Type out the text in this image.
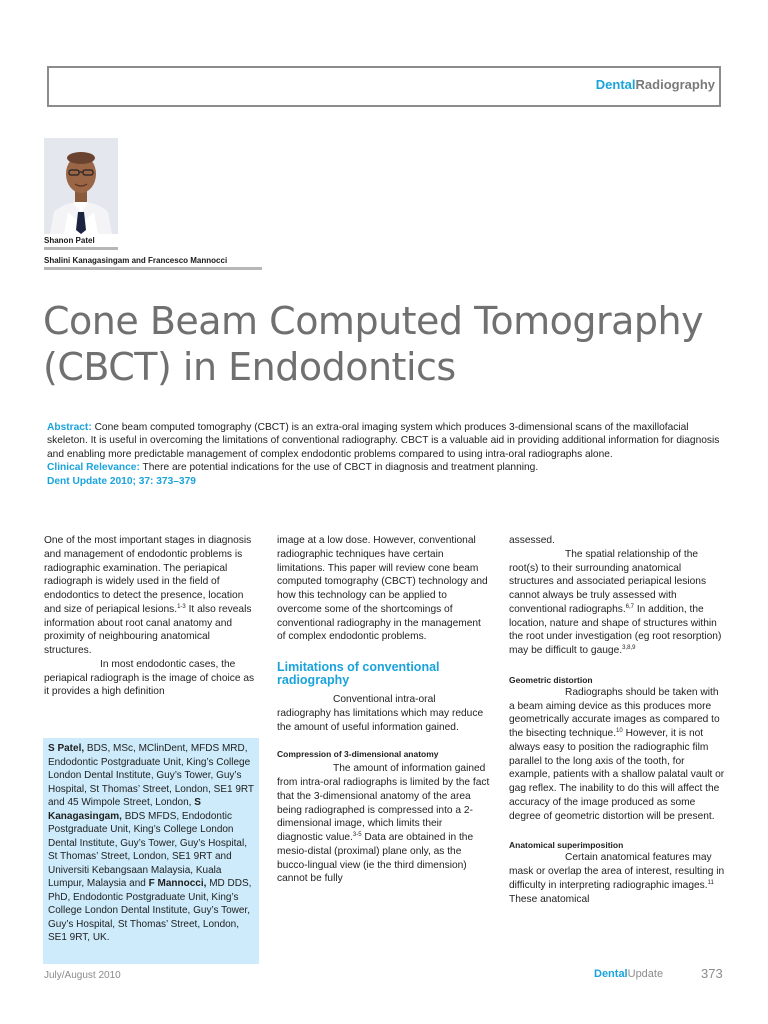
DentalRadiography
Shanon Patel
Shalini Kanagasingam and Francesco Mannocci
Cone Beam Computed Tomography
(CBCT) in Endodontics
Abstract: Cone beam computed tomography (CBCT) is an extra-oral imaging system which produces 3-dimensional scans of the maxillofacial skeleton. It is useful in overcoming the limitations of conventional radiography. CBCT is a valuable aid in providing additional information for diagnosis and enabling more predictable management of complex endodontic problems compared to using intra-oral radiographs alone.
Clinical Relevance: There are potential indications for the use of CBCT in diagnosis and treatment planning.
Dent Update 2010; 37: 373–379

One of the most important stages in diagnosis and management of endodontic problems is radiographic examination. The periapical radiograph is widely used in the field of endodontics to detect the presence, location and size of periapical lesions.$^{1-3}$ It also reveals information about root canal anatomy and proximity of neighbouring anatomical structures.

In most endodontic cases, the periapical radiograph is the image of choice as it provides a high definition

S Patel, BDS, MSc, MClinDent, MFDS MRD, Endodontic Postgraduate Unit, King’s College London Dental Institute, Guy’s Tower, Guy’s Hospital, St Thomas’ Street, London, SE1 9RT and 45 Wimpole Street, London, S Kanagasingam, BDS MFDS, Endodontic Postgraduate Unit, King’s College London Dental Institute, Guy’s Tower, Guy’s Hospital, St Thomas’ Street, London, SE1 9RT and Universiti Kebangsaan Malaysia, Kuala Lumpur, Malaysia and F Mannocci, MD DDS, PhD, Endodontic Postgraduate Unit, King’s College London Dental Institute, Guy’s Tower, Guy’s Hospital, St Thomas’ Street, London, SE1 9RT, UK.

image at a low dose. However, conventional radiographic techniques have certain limitations. This paper will review cone beam computed tomography (CBCT) technology and how this technology can be applied to overcome some of the shortcomings of conventional radiography in the management of complex endodontic problems.

Limitations of conventional radiography

Conventional intra-oral radiography has limitations which may reduce the amount of useful information gained.

Compression of 3-dimensional anatomy

The amount of information gained from intra-oral radiographs is limited by the fact that the 3-dimensional anatomy of the area being radiographed is compressed into a 2-dimensional image, which limits their diagnostic value.$^{3-5}$ Data are obtained in the mesio-distal (proximal) plane only, as the bucco-lingual view (ie the third dimension) cannot be fully

assessed.

The spatial relationship of the root(s) to their surrounding anatomical structures and associated periapical lesions cannot always be truly assessed with conventional radiographs.$^{6,7}$ In addition, the location, nature and shape of structures within the root under investigation (eg root resorption) may be difficult to gauge.$^{3,8,9}$

Geometric distortion

Radiographs should be taken with a beam aiming device as this produces more geometrically accurate images as compared to the bisecting technique.$^{10}$ However, it is not always easy to position the radiographic film parallel to the long axis of the tooth, for example, patients with a shallow palatal vault or gag reflex. The inability to do this will affect the accuracy of the image produced as some degree of geometric distortion will be present.

Anatomical superimposition

Certain anatomical features may mask or overlap the area of interest, resulting in difficulty in interpreting radiographic images.$^{11}$ These anatomical

July/August 2010	DentalUpdate	373
